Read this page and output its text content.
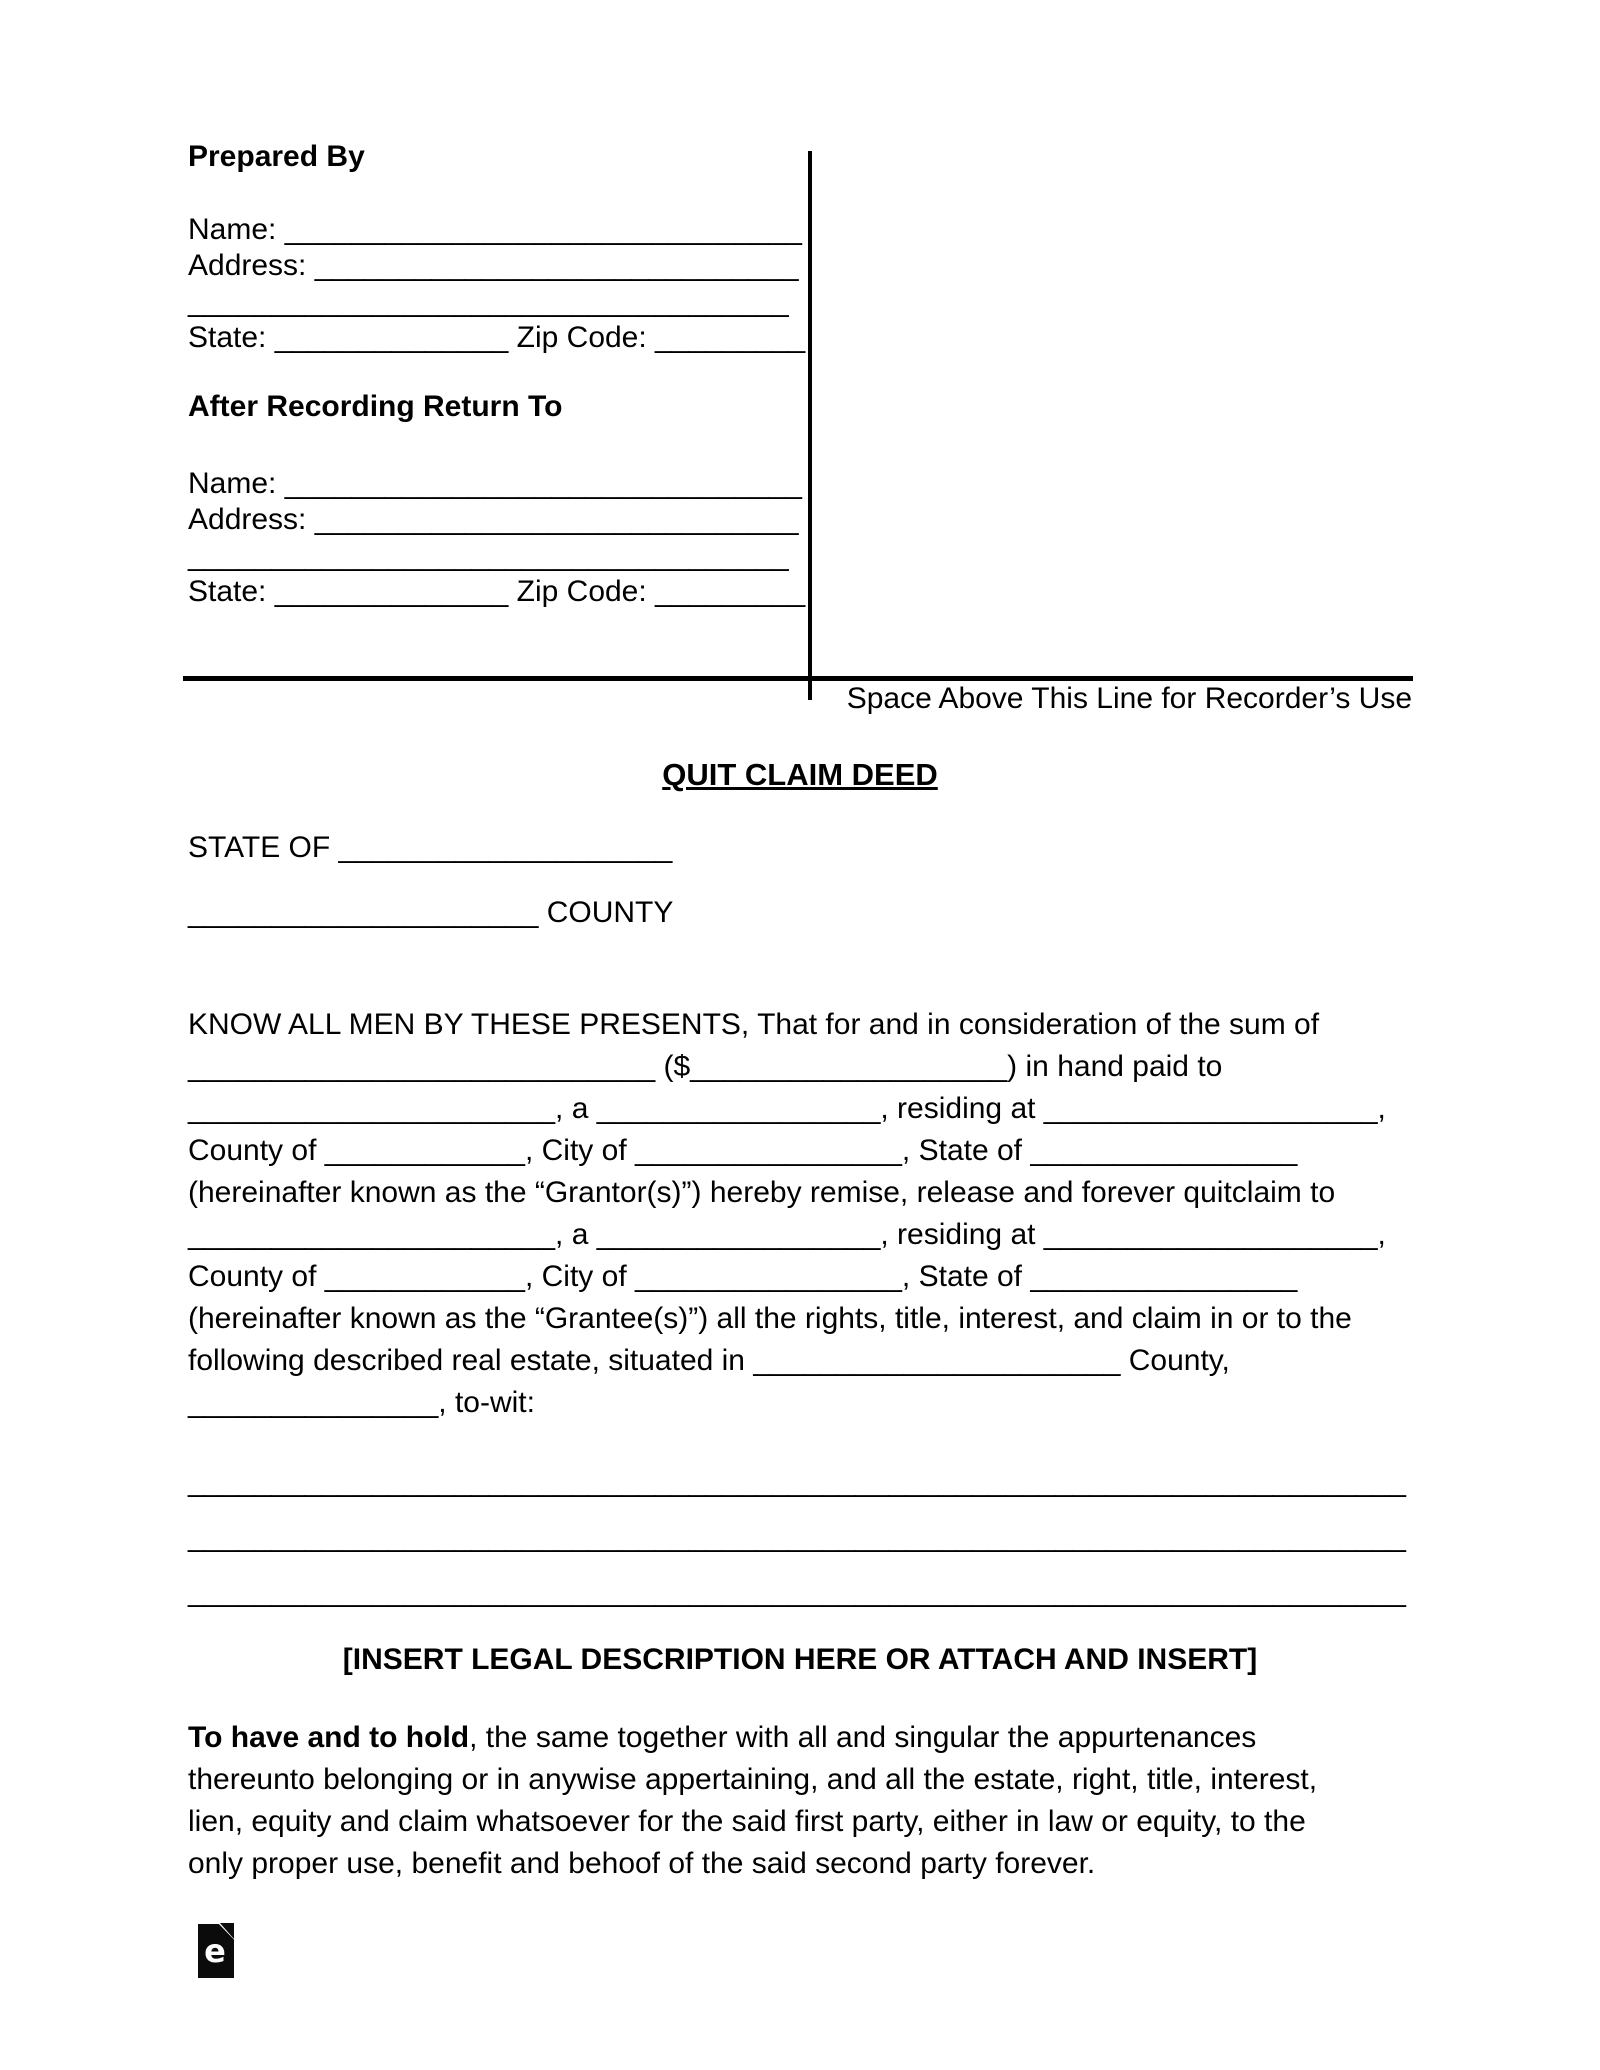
Prepared By
Name: _______________________________
Address: _____________________________
____________________________________
State: ______________ Zip Code: _________
After Recording Return To
Name: _______________________________
Address: _____________________________
____________________________________
State: ______________ Zip Code: _________
Space Above This Line for Recorder’s Use
QUIT CLAIM DEED
STATE OF ____________________
_____________________ COUNTY
KNOW ALL MEN BY THESE PRESENTS, That for and in consideration of the sum of
____________________________ ($___________________) in hand paid to
______________________, a _________________, residing at ____________________,
County of ____________, City of ________________, State of ________________
(hereinafter known as the “Grantor(s)”) hereby remise, release and forever quitclaim to
______________________, a _________________, residing at ____________________,
County of ____________, City of ________________, State of ________________
(hereinafter known as the “Grantee(s)”) all the rights, title, interest, and claim in or to the
following described real estate, situated in ______________________ County,
_______________, to-wit:
_________________________________________________________________________
_________________________________________________________________________
_________________________________________________________________________
[INSERT LEGAL DESCRIPTION HERE OR ATTACH AND INSERT]
To have and to hold, the same together with all and singular the appurtenances
thereunto belonging or in anywise appertaining, and all the estate, right, title, interest,
lien, equity and claim whatsoever for the said first party, either in law or equity, to the
only proper use, benefit and behoof of the said second party forever.
e
